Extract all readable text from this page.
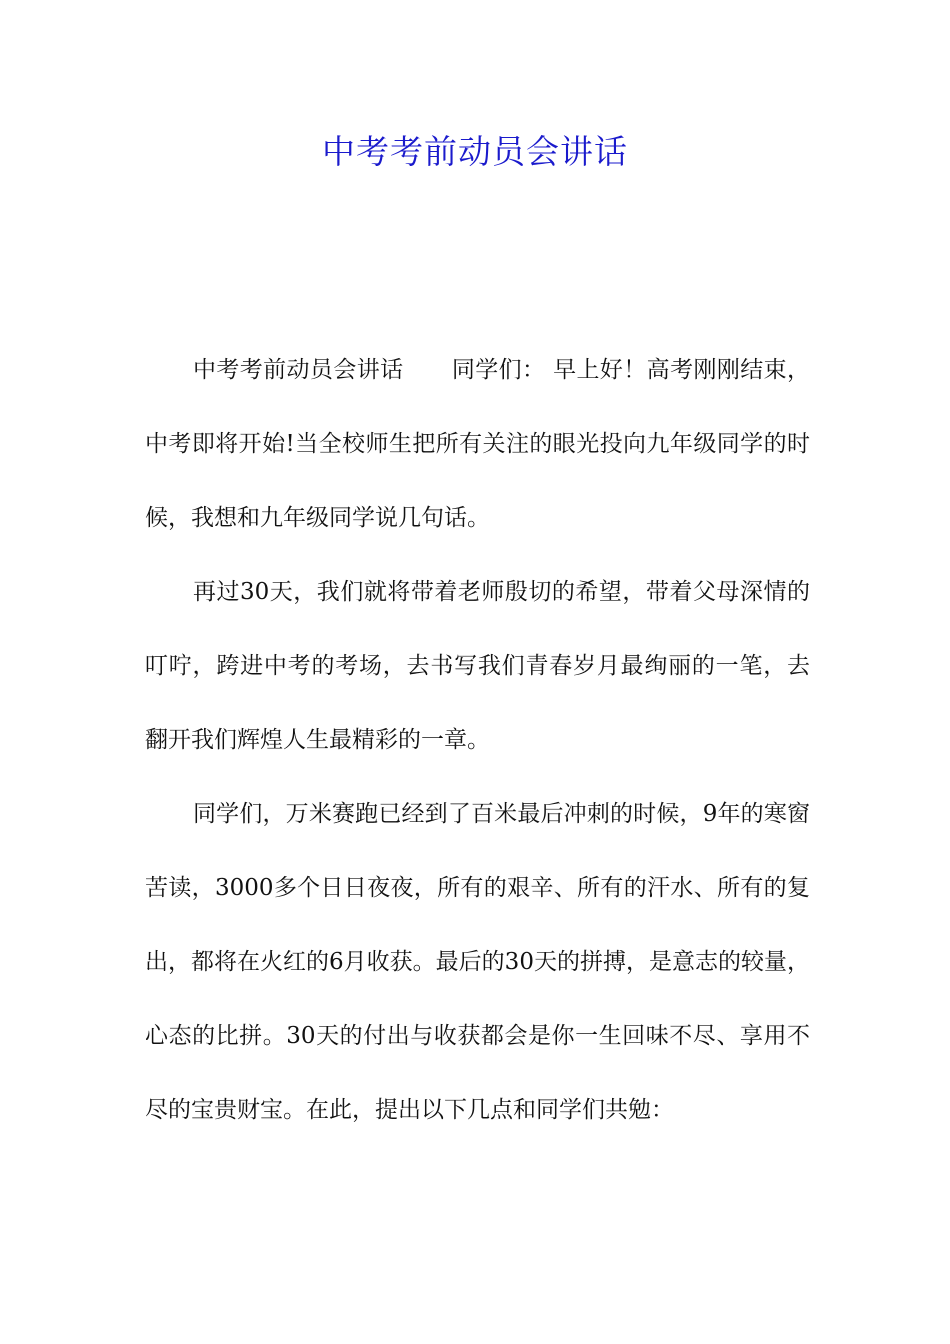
中考考前动员会讲话

中考考前动员会讲话 同学们： 早上好！高考刚刚结束，中考即将开始!当全校师生把所有关注的眼光投向九年级同学的时候，我想和九年级同学说几句话。

再过30天，我们就将带着老师殷切的希望，带着父母深情的叮咛，跨进中考的考场，去书写我们青春岁月最绚丽的一笔，去翻开我们辉煌人生最精彩的一章。

同学们，万米赛跑已经到了百米最后冲刺的时候，9年的寒窗苦读，3000多个日日夜夜，所有的艰辛、所有的汗水、所有的复出，都将在火红的6月收获。最后的30天的拼搏，是意志的较量，心态的比拼。30天的付出与收获都会是你一生回味不尽、享用不尽的宝贵财宝。在此，提出以下几点和同学们共勉：
